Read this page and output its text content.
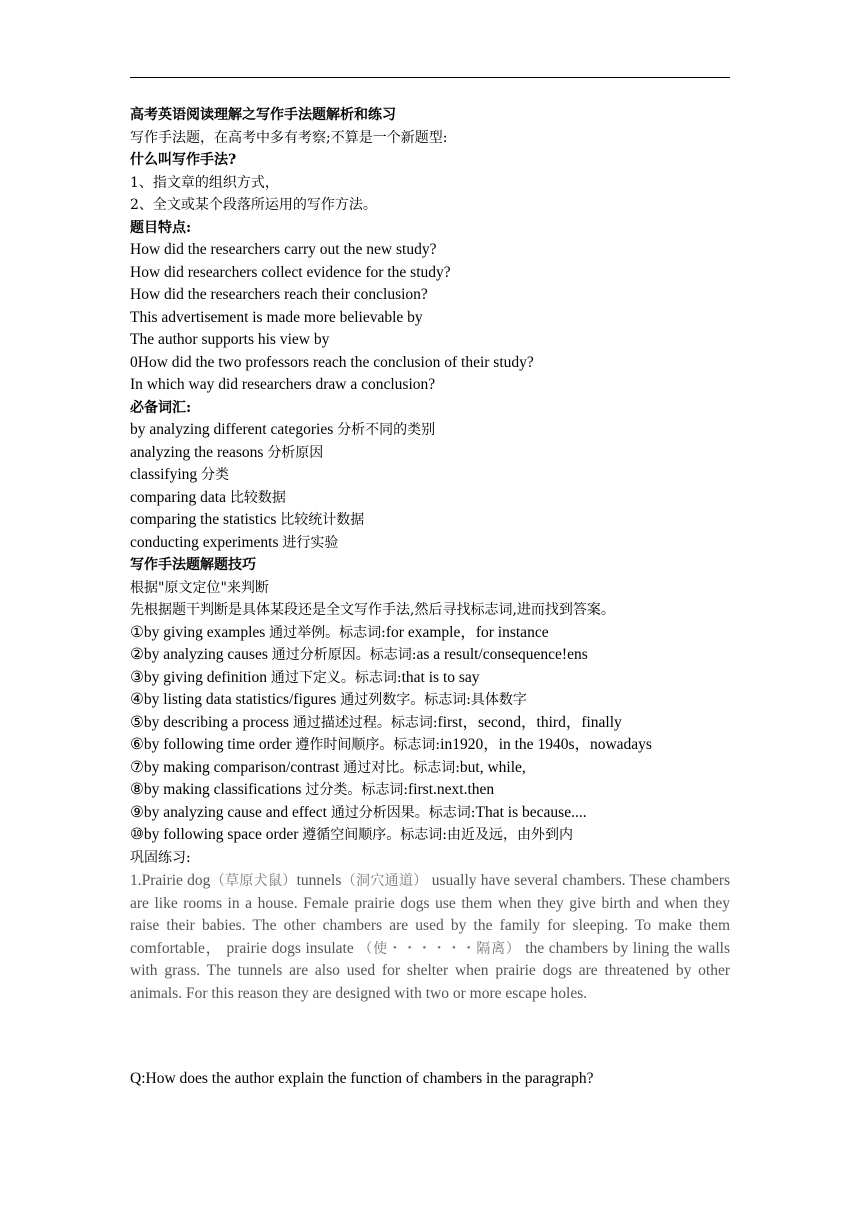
高考英语阅读理解之写作手法题解析和练习
写作手法题，在高考中多有考察;不算是一个新题型:
什么叫写作手法?
1、指文章的组织方式，
2、全文或某个段落所运用的写作方法。
题目特点:
How did the researchers carry out the new study?
How did researchers collect evidence for the study?
How did the researchers reach their conclusion?
This advertisement is made more believable by
The author supports his view by
0How did the two professors reach the conclusion of their study?
In which way did researchers draw a conclusion?
必备词汇:
by analyzing different categories 分析不同的类别
analyzing the reasons 分析原因
classifying 分类
comparing data 比较数据
comparing the statistics 比较统计数据
conducting experiments 进行实验
写作手法题解题技巧
根据"原文定位"来判断
先根据题干判断是具体某段还是全文写作手法,然后寻找标志词,进而找到答案。
①by giving examples 通过举例。标志词:for example，for instance
②by analyzing causes 通过分析原因。标志词:as a result/consequence!ens
③by giving definition 通过下定义。标志词:that is to say
④by listing data statistics/figures 通过列数字。标志词:具体数字
⑤by describing a process 通过描述过程。标志词:first，second，third，finally
⑥by following time order 遵作时间顺序。标志词:in1920，in the 1940s，nowadays
⑦by making comparison/contrast 通过对比。标志词:but, while,
⑧by making classifications 过分类。标志词:first.next.then
⑨by analyzing cause and effect 通过分析因果。标志词:That is because....
⑩by following space order 遵循空间顺序。标志词:由近及远，由外到内
巩固练习:
1.Prairie dog（草原犬鼠）tunnels（洞穴通道） usually have several chambers. These chambers are like rooms in a house. Female prairie dogs use them when they give birth and when they raise their babies. The other chambers are used by the family for sleeping. To make them comfortable， prairie dogs insulate （使・・・・・・隔离） the chambers by lining the walls with grass. The tunnels are also used for shelter when prairie dogs are threatened by other animals. For this reason they are designed with two or more escape holes.
Q:How does the author explain the function of chambers in the paragraph?
